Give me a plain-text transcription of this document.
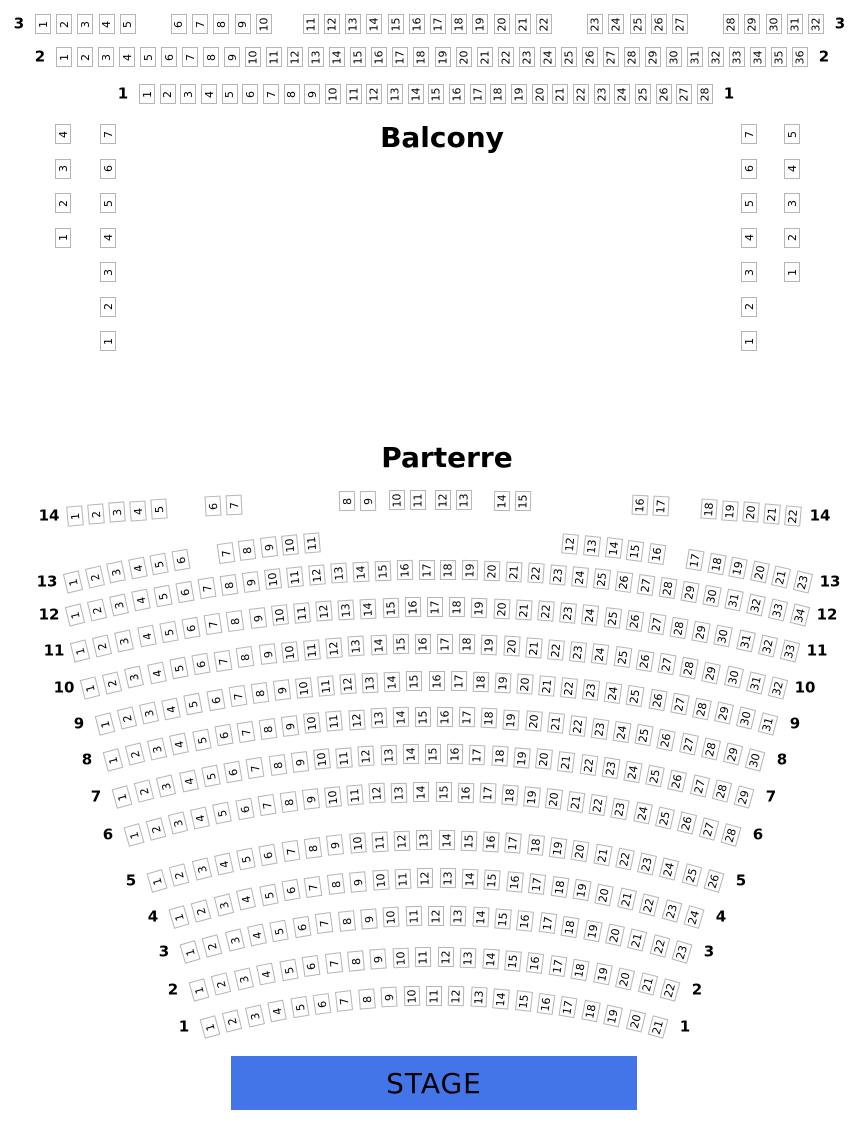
Balcony
Parterre
1 2 3 4 5	6 7 8 9 10	11 12 13 14 15 16 17 18 19 20 21 22	23 24 25 26 27	28 29 30 31 32
3	3
1 2 3 4 5 6 7 8 9 10 11 12 13 14 15 16 17 18 19 20 21 22 23 24 25 26 27 28 29 30 31 32 33 34 35 36
2	2
1 2 3 4 5 6 7 8 9 10 11 12 13 14 15 16 17 18 19 20 21 22 23 24 25 26 27 28
1	1
4
3
2
1
7
6
5
4
3
2
1
7
6
5
4
3
2
1
5
4
3
2
1
1 2 3 4 5	6 7
8 9 10 11 12 13 14 15	16 17	18 19 20 21 22
14	14
1
2 3 4 5 6
7 8 9 10 11	12 13 14 15 16 17 18 19 20 21 23
13	13
1
2
3 4 5 6 7 8 9 10 11 12 13 14 15 16 17 18 19 20 21 22 23 24 25 26 27 28 29 30 31 32 33 34
12	12
1
2
3 4 5 6 7 8 9 10 11 12 13 14 15 16 17 18 19 20 21 22 23 24 25 26 27 28 29 30 31 32 33
11	11
1
2
3 4 5 6 7 8 9 10 11 12 13 14 15 16 17 18 19 20 21 22 23 24 25 26 27 28 29 30 31 32
10	10
1
2
3 4 5 6 7 8 9 10 11 12 13 14 15 16 17 18 19 20 21 22 23 24 25 26 27 28 29 30 31
9	9
1
2
3
4 5 6 7 8 9 10 11 12 13 14 15 16 17 18 19 20 21 22 23 24 25 26 27 28 29 30
8	8
1
2
3
4 5 6 7 8 9 10 11 12 13 14 15 16 17 18 19 20 21 22 23 24 25 26 27 28 29
7	7
1
2
3
4 5 6 7 8 9 10 11 12 13 14 15 16 17 18 19 20 21 22 23 24 25 26 27 28
6	6
1
2
3
4 5 6 7 8 9 10 11 12 13 14 15 16 17 18 19 20 21 22 23 24 25 26
5	5
1
2
3
4 5 6 7 8 9 10 11 12 13 14 15 16 17 18 19 20 21 22 23 24
4	4
1
2
3
4 5 6 7 8 9 10 11 12 13 14 15 16 17 18 19 20 21 22 23
3	3
1
2
3 4 5 6 7 8 9 10 11 12 13 14 15 16 17 18 19 20 21 22
2	2
1
2
3 4 5 6 7 8 9 10 11 12 13 14 15 16 17 18 19 20 21
1	1
STAGE
